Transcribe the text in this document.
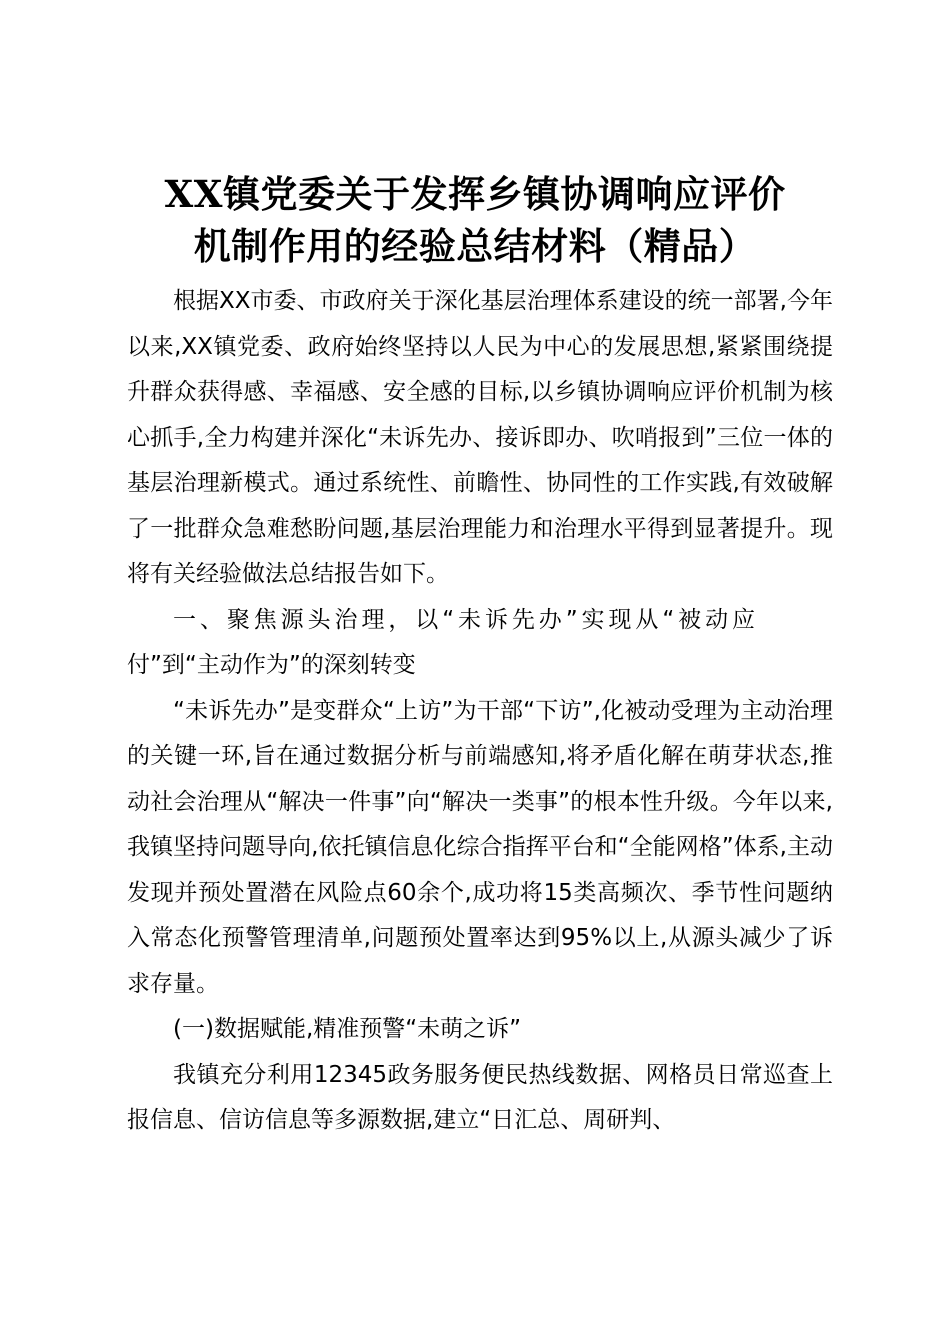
XX镇党委关于发挥乡镇协调响应评价
机制作用的经验总结材料（精品）

根据XX市委、市政府关于深化基层治理体系建设的统一部署,今年以来,XX镇党委、政府始终坚持以人民为中心的发展思想,紧紧围绕提升群众获得感、幸福感、安全感的目标,以乡镇协调响应评价机制为核心抓手,全力构建并深化“未诉先办、接诉即办、吹哨报到”三位一体的基层治理新模式。通过系统性、前瞻性、协同性的工作实践,有效破解了一批群众急难愁盼问题,基层治理能力和治理水平得到显著提升。现将有关经验做法总结报告如下。

一、聚焦源头治理，以“未诉先办”实现从“被动应付”到“主动作为”的深刻转变

“未诉先办”是变群众“上访”为干部“下访”,化被动受理为主动治理的关键一环,旨在通过数据分析与前端感知,将矛盾化解在萌芽状态,推动社会治理从“解决一件事”向“解决一类事”的根本性升级。今年以来,我镇坚持问题导向,依托镇信息化综合指挥平台和“全能网格”体系,主动发现并预处置潜在风险点60余个,成功将15类高频次、季节性问题纳入常态化预警管理清单,问题预处置率达到95%以上,从源头减少了诉求存量。

(一)数据赋能,精准预警“未萌之诉”

我镇充分利用12345政务服务便民热线数据、网格员日常巡查上报信息、信访信息等多源数据,建立“日汇总、周研判、
